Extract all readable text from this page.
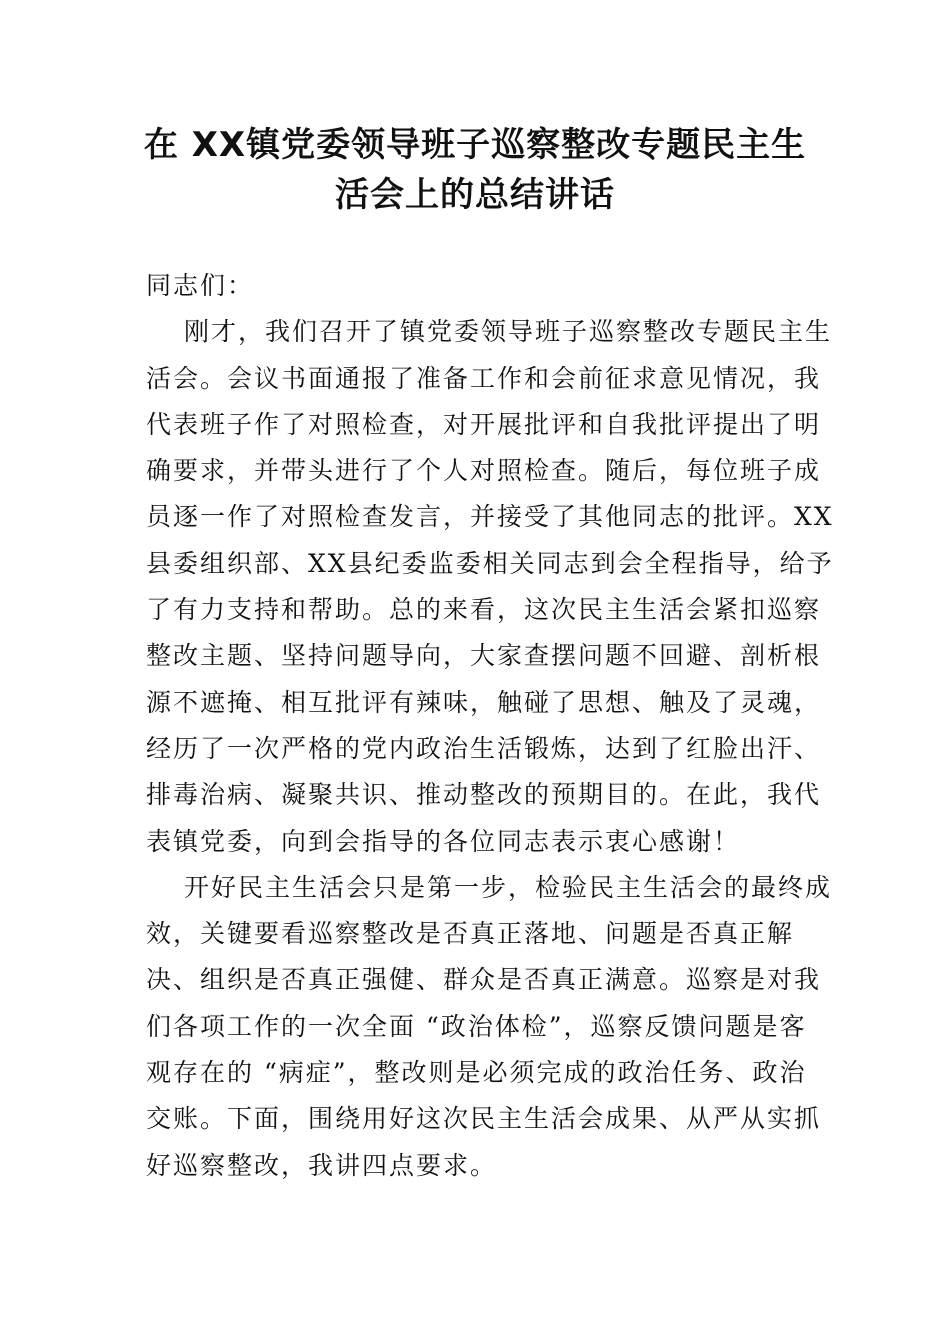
在 XX镇党委领导班子巡察整改专题民主生
活会上的总结讲话
同志们：
刚才，我们召开了镇党委领导班子巡察整改专题民主生
活会。会议书面通报了准备工作和会前征求意见情况，我
代表班子作了对照检查，对开展批评和自我批评提出了明
确要求，并带头进行了个人对照检查。随后，每位班子成
员逐一作了对照检查发言，并接受了其他同志的批评。XX
县委组织部、XX县纪委监委相关同志到会全程指导，给予
了有力支持和帮助。总的来看，这次民主生活会紧扣巡察
整改主题、坚持问题导向，大家查摆问题不回避、剖析根
源不遮掩、相互批评有辣味，触碰了思想、触及了灵魂，
经历了一次严格的党内政治生活锻炼，达到了红脸出汗、
排毒治病、凝聚共识、推动整改的预期目的。在此，我代
表镇党委，向到会指导的各位同志表示衷心感谢！
开好民主生活会只是第一步，检验民主生活会的最终成
效，关键要看巡察整改是否真正落地、问题是否真正解
决、组织是否真正强健、群众是否真正满意。巡察是对我
们各项工作的一次全面 “政治体检”，巡察反馈问题是客
观存在的 “病症”，整改则是必须完成的政治任务、政治
交账。下面，围绕用好这次民主生活会成果、从严从实抓
好巡察整改，我讲四点要求。
